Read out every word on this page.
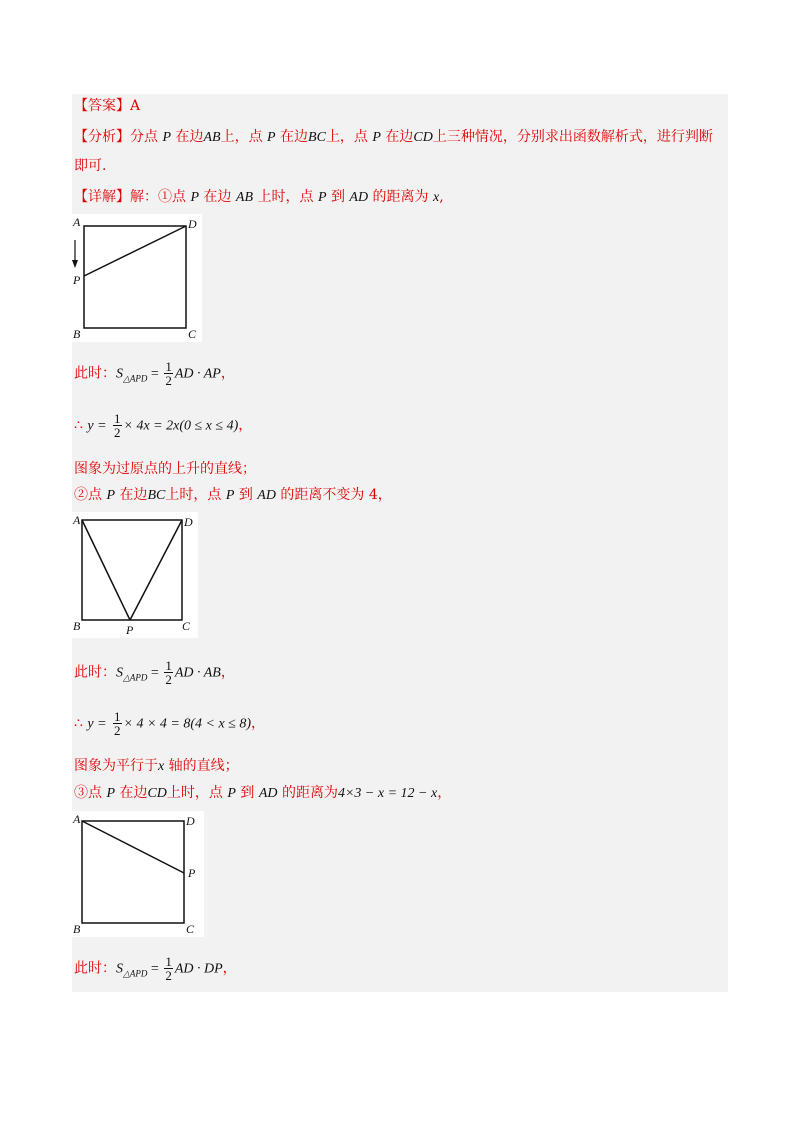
【答案】A
【分析】分点 P 在边AB上，点 P 在边BC上，点 P 在边CD上三种情况，分别求出函数解析式，进行判断
即可.
【详解】解：①点 P 在边 AB 上时，点 P 到 AD 的距离为 x,
A	D
P
B	C
此时：$S_{\triangle APD} = \frac{1}{2}$ AD · AP，
∴ $y = \frac{1}{2} \times 4x = 2x(0 \le x \le 4)$，
图象为过原点的上升的直线；
②点 P 在边BC上时，点 P 到 AD 的距离不变为 4，
A	D
B	P	C
此时：$S_{\triangle APD} = \frac{1}{2}$ AD · AB，
∴ $y = \frac{1}{2} \times 4 \times 4 = 8(4 < x \le 8)$，
图象为平行于x 轴的直线；
③点 P 在边CD上时，点 P 到 AD 的距离为4×3 − x = 12 − x，
A	D
P
B	C
此时：$S_{\triangle APD} = \frac{1}{2}$ AD · DP，
